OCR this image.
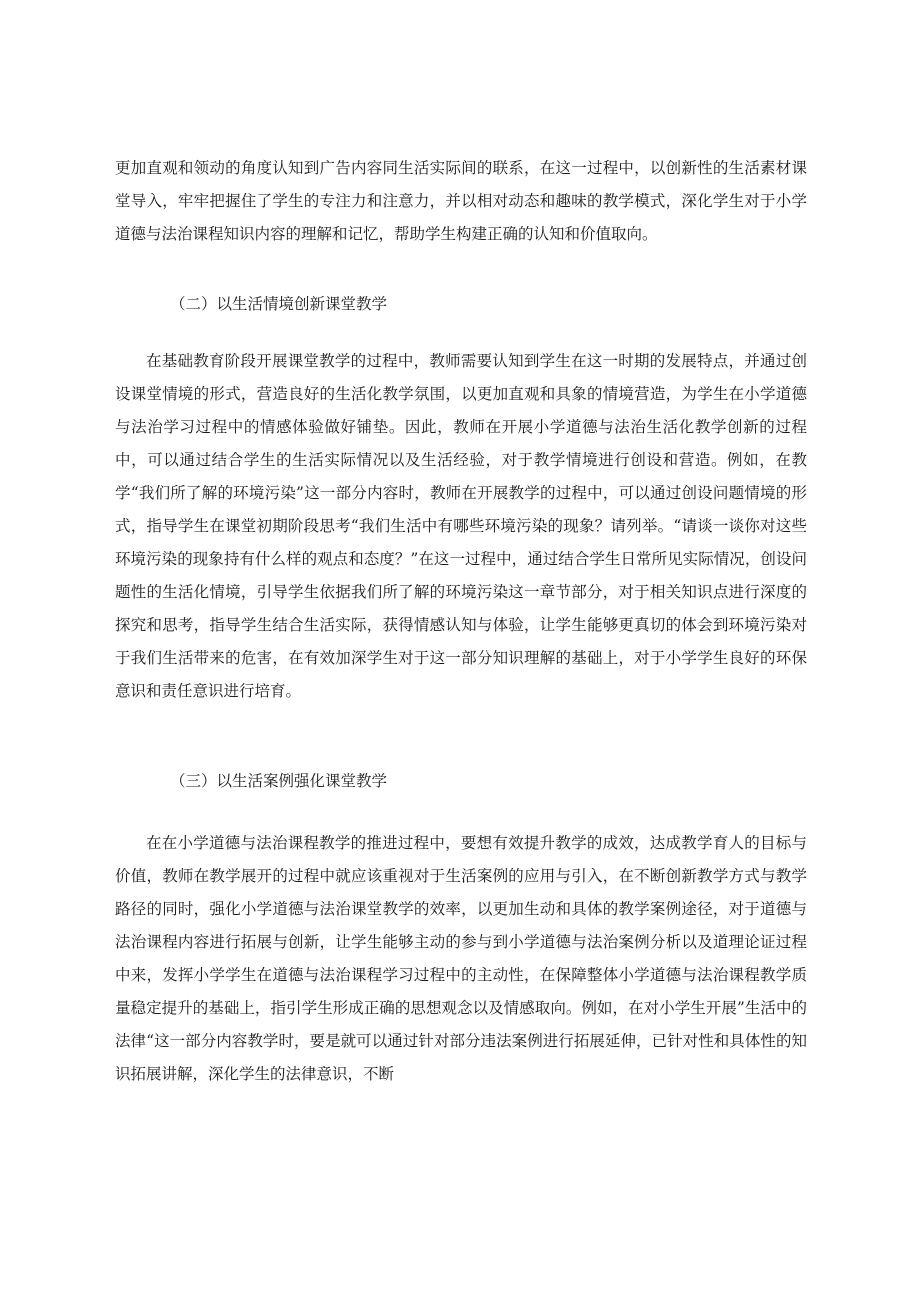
更加直观和领动的角度认知到广告内容同生活实际间的联系，在这一过程中，以创新性的生活素材课堂导入，牢牢把握住了学生的专注力和注意力，并以相对动态和趣味的教学模式，深化学生对于小学道德与法治课程知识内容的理解和记忆，帮助学生构建正确的认知和价值取向。

（二）以生活情境创新课堂教学

在基础教育阶段开展课堂教学的过程中，教师需要认知到学生在这一时期的发展特点，并通过创设课堂情境的形式，营造良好的生活化教学氛围，以更加直观和具象的情境营造，为学生在小学道德与法治学习过程中的情感体验做好铺垫。因此，教师在开展小学道德与法治生活化教学创新的过程中，可以通过结合学生的生活实际情况以及生活经验，对于教学情境进行创设和营造。例如，在教学“我们所了解的环境污染”这一部分内容时，教师在开展教学的过程中，可以通过创设问题情境的形式，指导学生在课堂初期阶段思考“我们生活中有哪些环境污染的现象？请列举。“请谈一谈你对这些环境污染的现象持有什么样的观点和态度？”在这一过程中，通过结合学生日常所见实际情况，创设问题性的生活化情境，引导学生依据我们所了解的环境污染这一章节部分，对于相关知识点进行深度的探究和思考，指导学生结合生活实际，获得情感认知与体验，让学生能够更真切的体会到环境污染对于我们生活带来的危害，在有效加深学生对于这一部分知识理解的基础上，对于小学学生良好的环保意识和责任意识进行培育。

（三）以生活案例强化课堂教学

在在小学道德与法治课程教学的推进过程中，要想有效提升教学的成效，达成教学育人的目标与价值，教师在教学展开的过程中就应该重视对于生活案例的应用与引入，在不断创新教学方式与教学路径的同时，强化小学道德与法治课堂教学的效率，以更加生动和具体的教学案例途径，对于道德与法治课程内容进行拓展与创新，让学生能够主动的参与到小学道德与法治案例分析以及道理论证过程中来，发挥小学学生在道德与法治课程学习过程中的主动性，在保障整体小学道德与法治课程教学质量稳定提升的基础上，指引学生形成正确的思想观念以及情感取向。例如，在对小学生开展”生活中的法律“这一部分内容教学时，要是就可以通过针对部分违法案例进行拓展延伸，已针对性和具体性的知识拓展讲解，深化学生的法律意识，不断
